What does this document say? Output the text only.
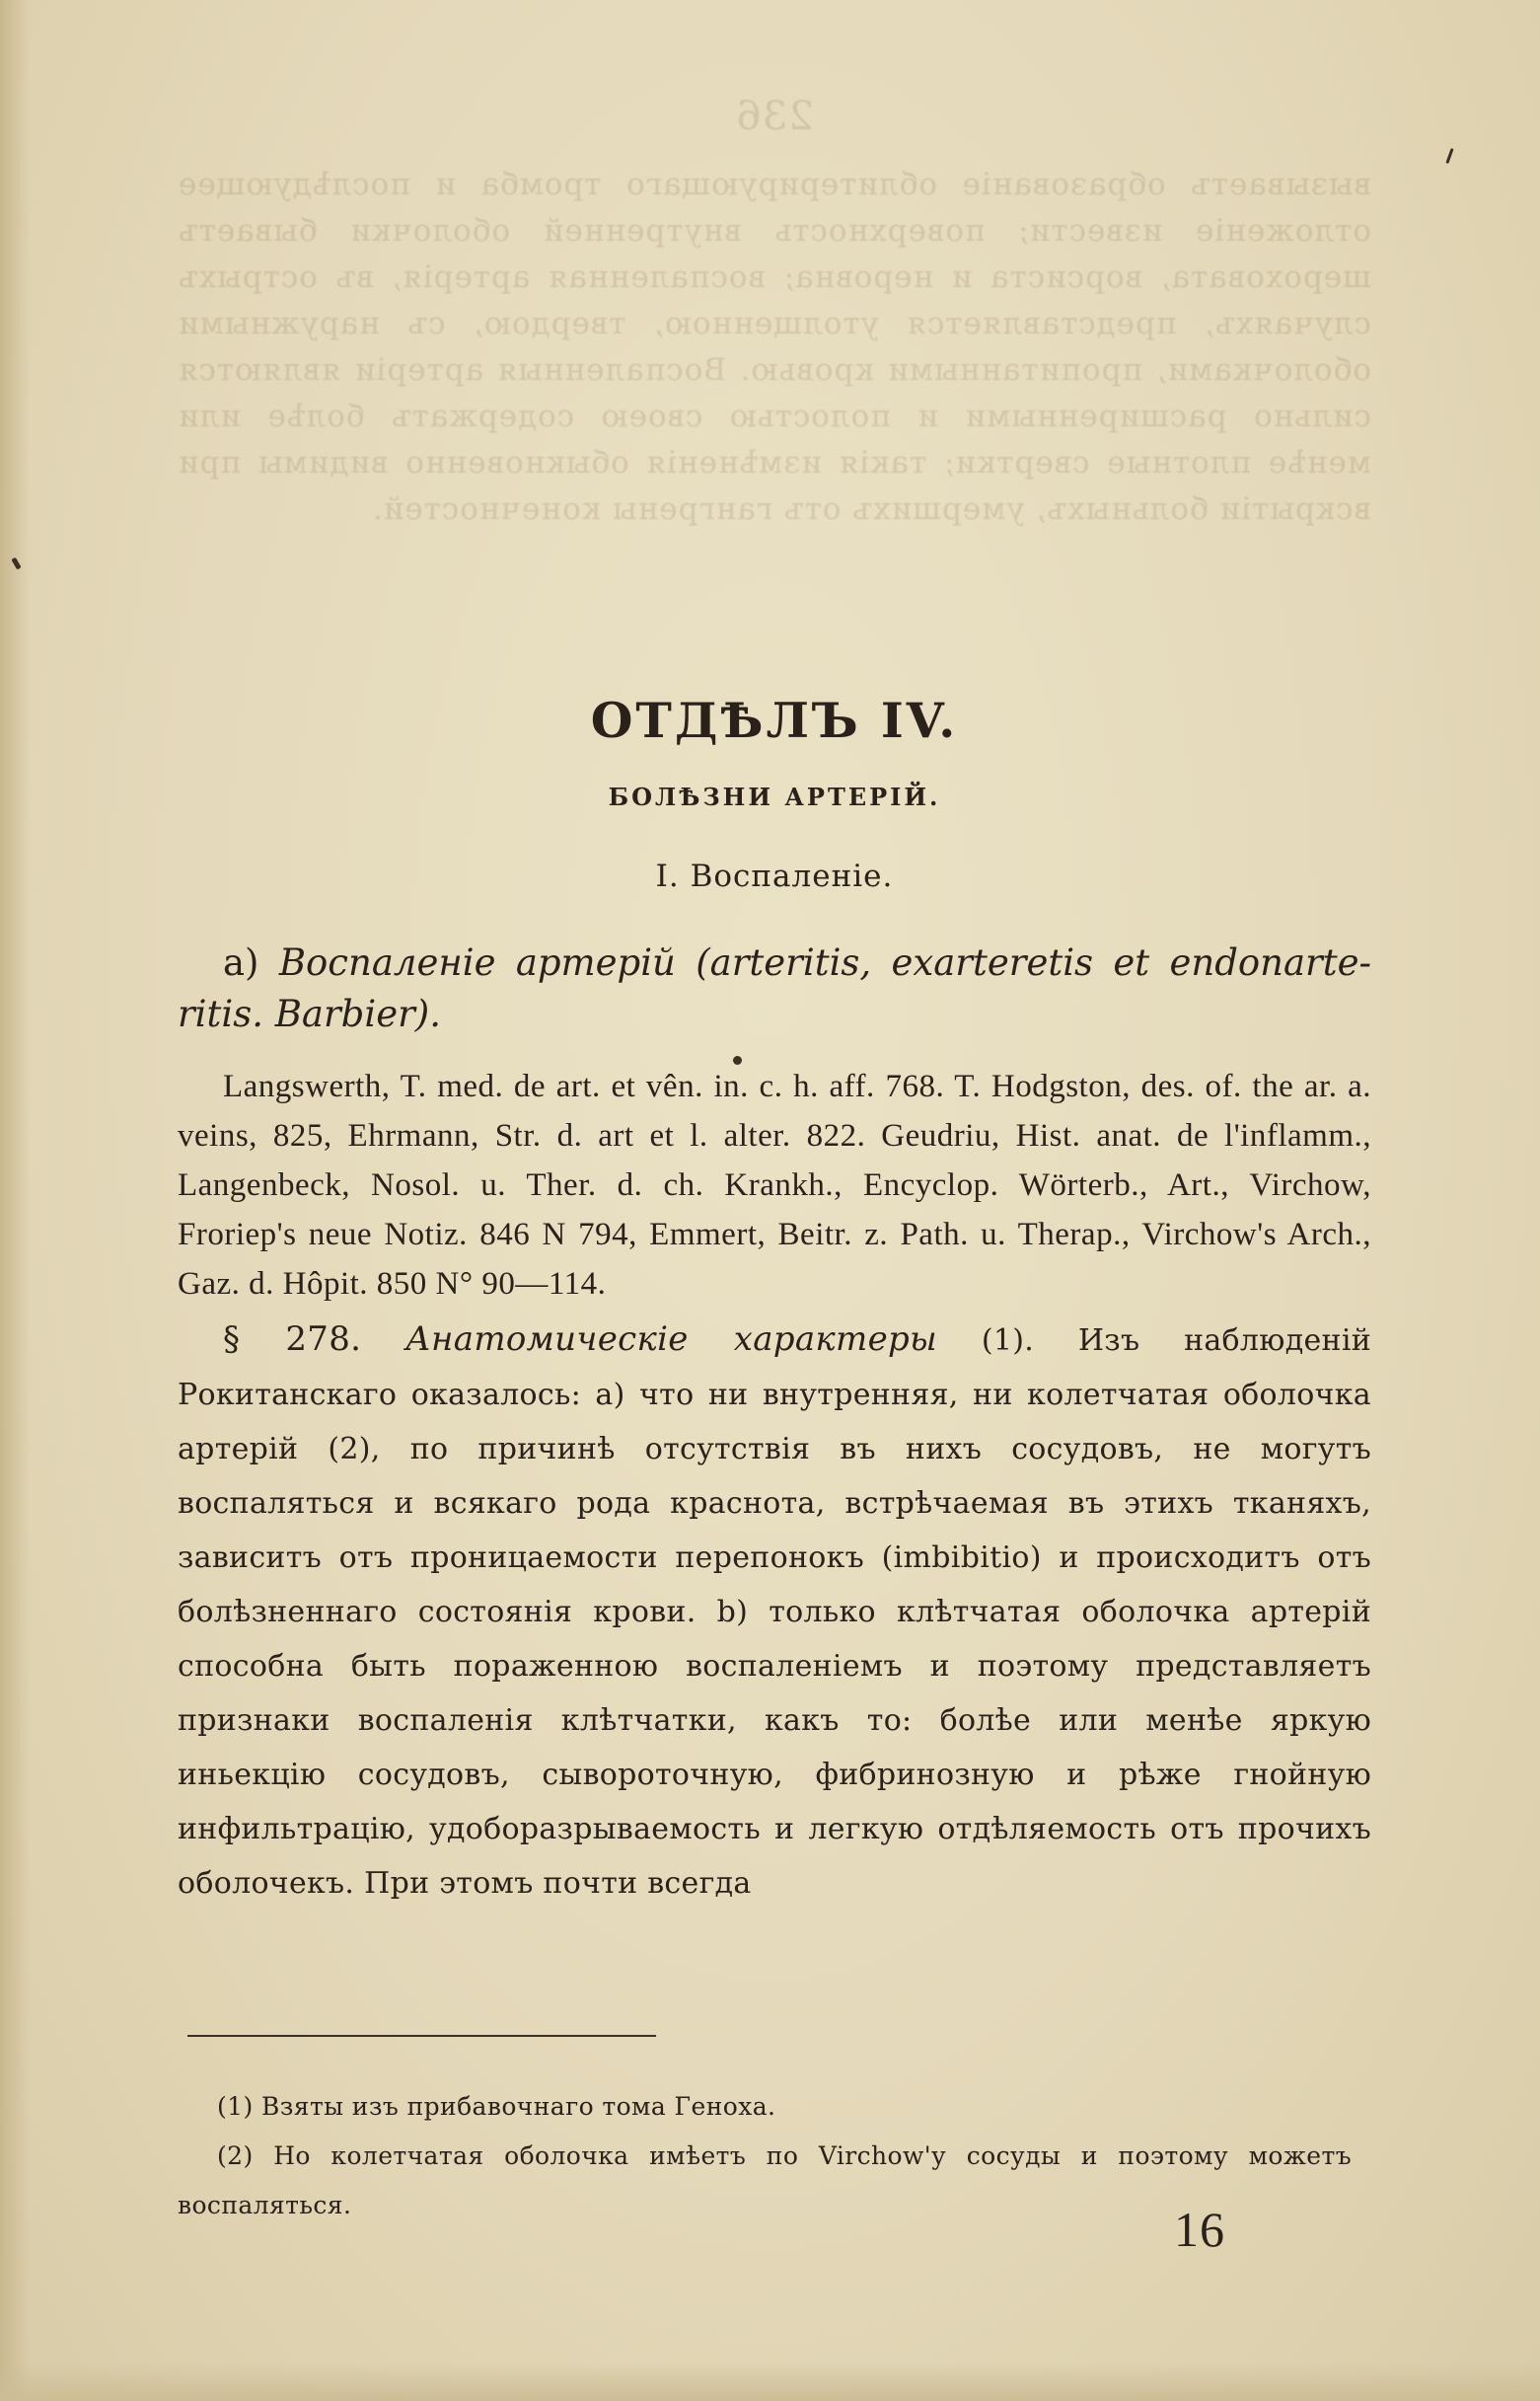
236

вызываетъ образованіе облитерирующаго тромба и послѣдующее отложеніе извести; поверхность внутренней оболочки бываетъ шероховата, ворсиста и неровна; воспаленная артерія, въ острыхъ случаяхъ, представляется утолщенною, твердою, съ наружными оболочками, пропитанными кровью. Воспаленныя артеріи являются сильно расширенными и полостью своею содержатъ болѣе или менѣе плотные свертки; такія измѣненія обыкновенно видимы при вскрытіи больныхъ, умершихъ отъ гангрены конечностей.

ОТДѢЛЪ IV.
БОЛѢЗНИ АРТЕРІЙ.
I. Воспаленіе.
а) Воспаленіе артерій (arteritis, exarteretis et endonarte-ritis. Barbier).
Langswerth, T. med. de art. et vên. in. c. h. aff. 768. T. Hodgston, des. of. the ar. a. veins, 825, Ehrmann, Str. d. art et l. alter. 822. Geudriu, Hist. anat. de l'inflamm., Langenbeck, Nosol. u. Ther. d. ch. Krankh., Encyclop. Wörterb., Art., Virchow, Froriep's neue Notiz. 846 N 794, Emmert, Beitr. z. Path. u. Therap., Virchow's Arch., Gaz. d. Hôpit. 850 N° 90—114.
§ 278. Анатомическіе характеры (1). Изъ наблюденій Рокитанскаго оказалось: а) что ни внутренняя, ни колетчатая оболочка артерій (2), по причинѣ отсутствія въ нихъ сосудовъ, не могутъ воспаляться и всякаго рода краснота, встрѣчаемая въ этихъ тканяхъ, зависитъ отъ проницаемости перепонокъ (imbibitio) и происходитъ отъ болѣзненнаго состоянія крови. b) только клѣтчатая оболочка артерій способна быть пораженною воспаленіемъ и поэтому представляетъ признаки воспаленія клѣтчатки, какъ то: болѣе или менѣе яркую иньекцію сосудовъ, сывороточную, фибринозную и рѣже гнойную инфильтрацію, удоборазрываемость и легкую отдѣляемость отъ прочихъ оболочекъ. При этомъ почти всегда
(1) Взяты изъ прибавочнаго тома Геноха.
(2) Но колетчатая оболочка имѣетъ по Virchow'у сосуды и поэтому можетъ воспаляться.	16
